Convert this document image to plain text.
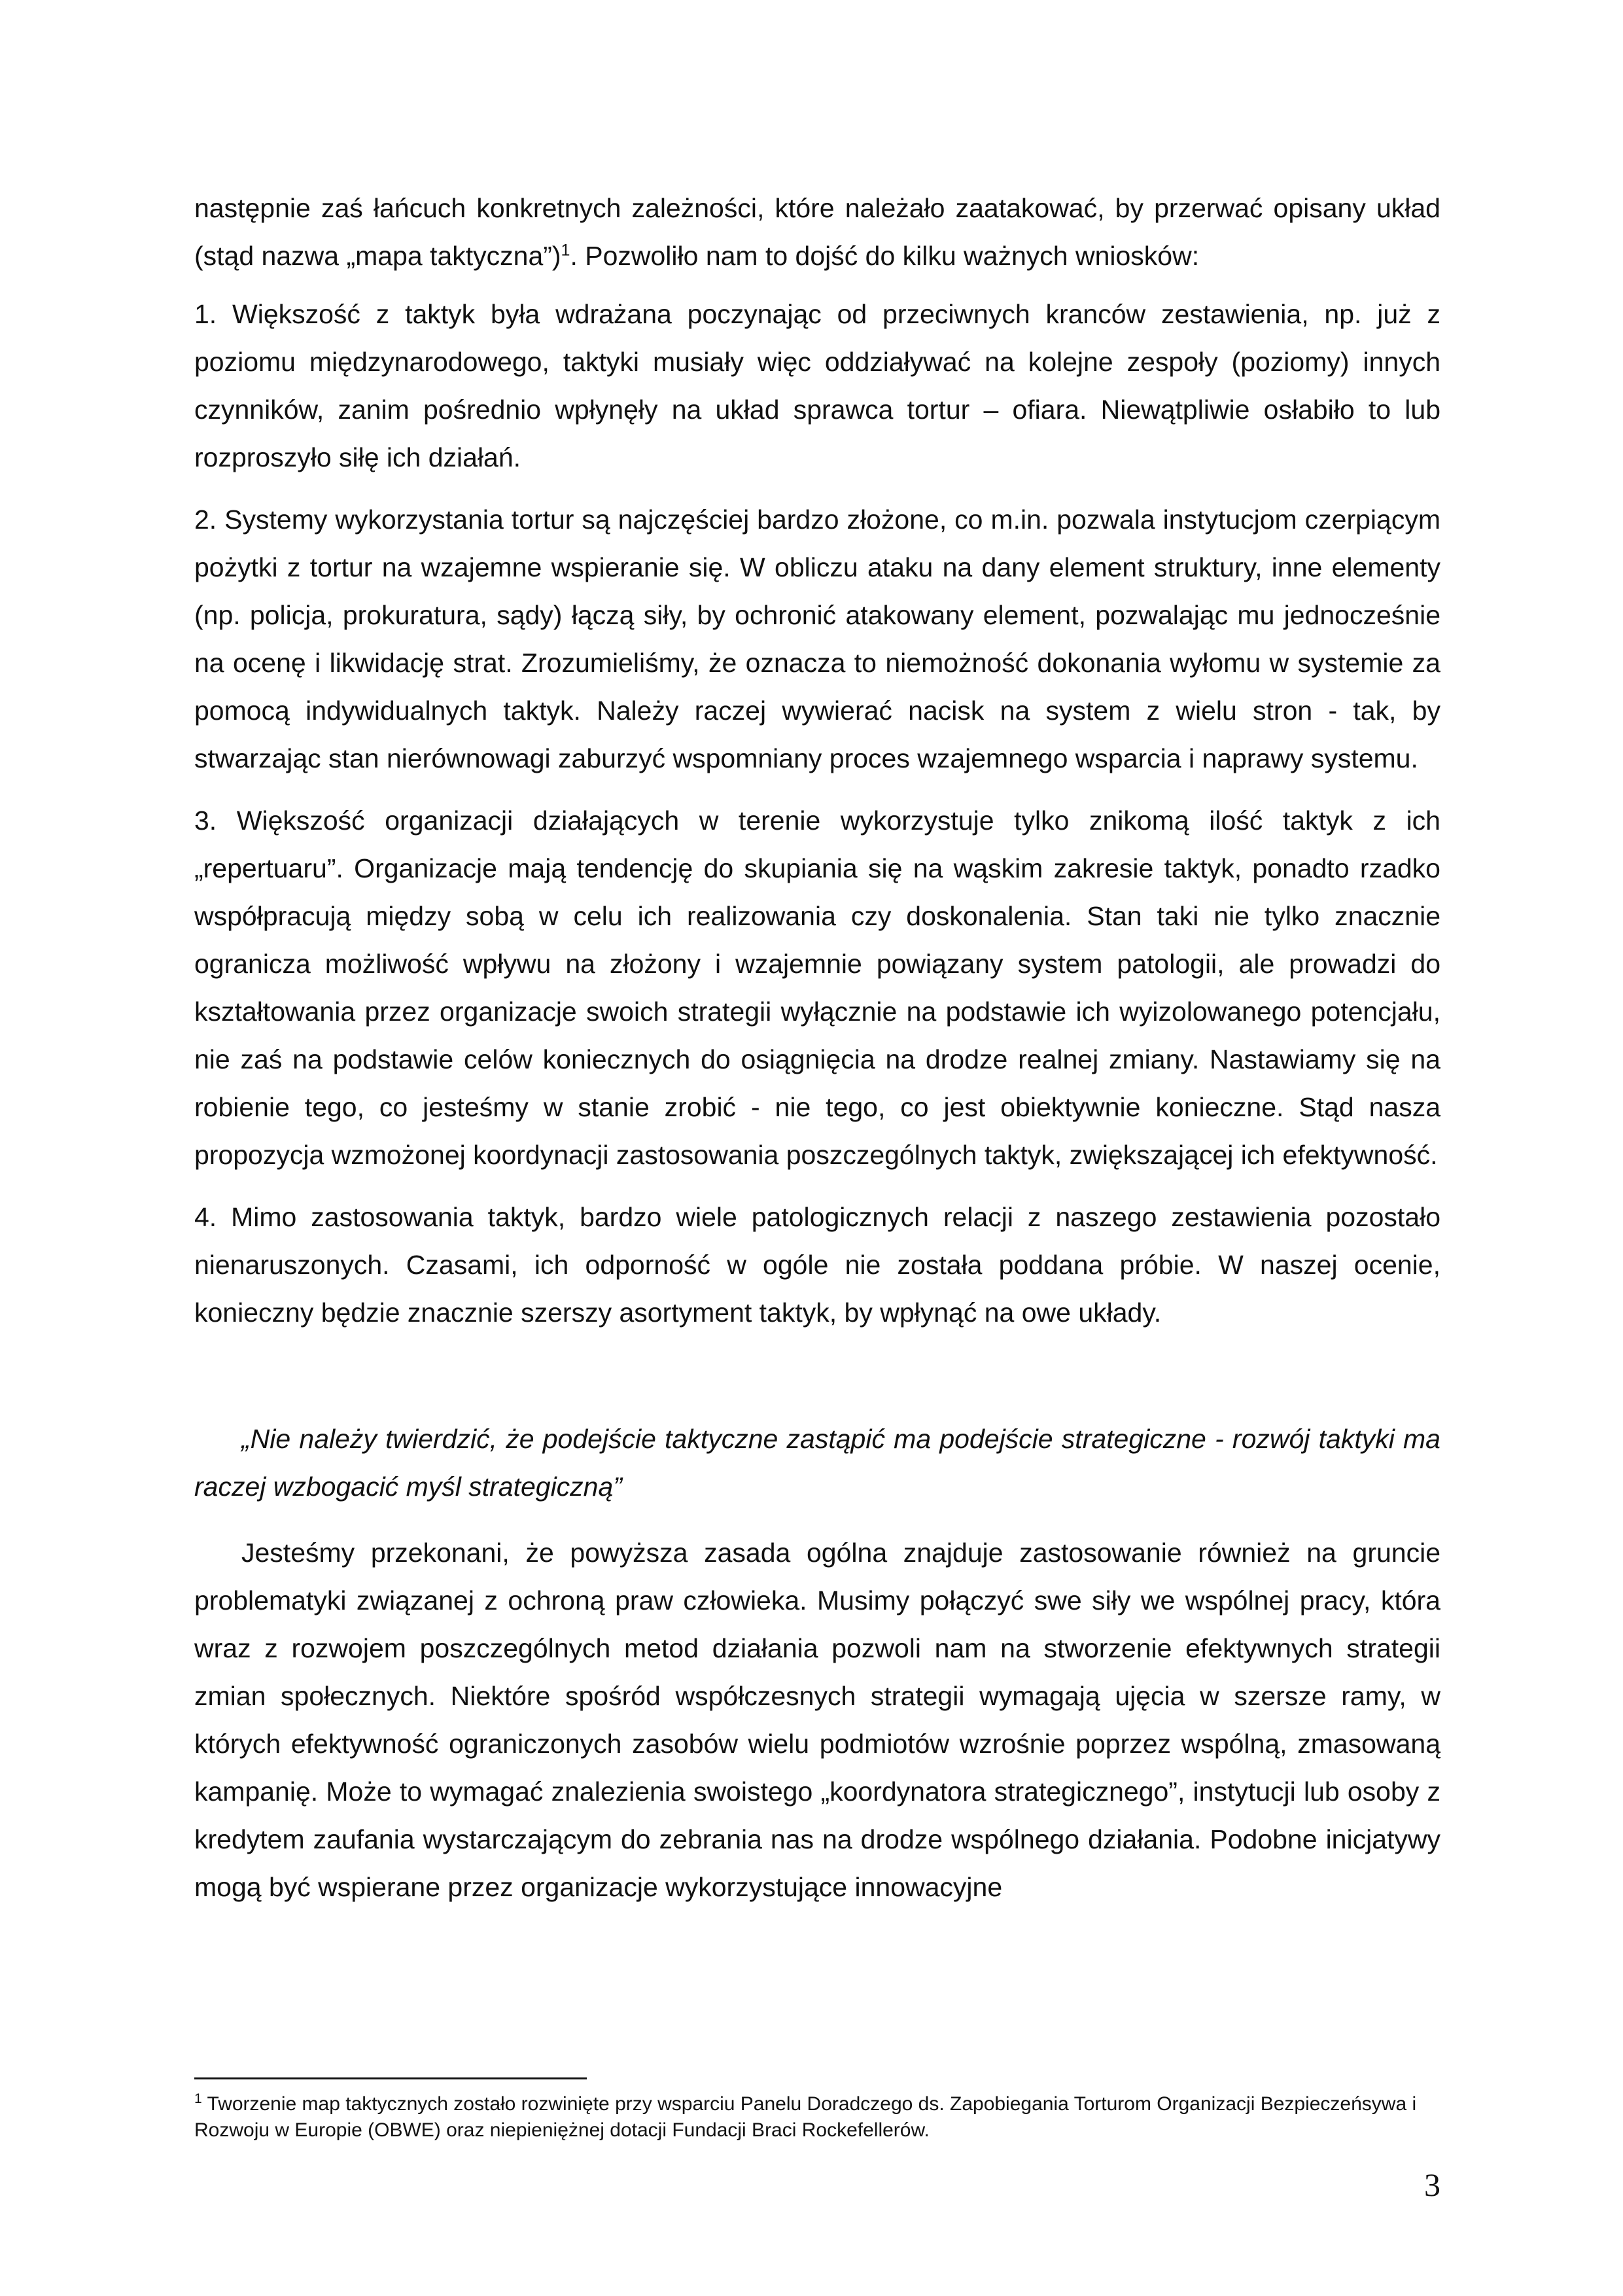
następnie zaś łańcuch konkretnych zależności, które należało zaatakować, by przerwać opisany układ (stąd nazwa „mapa taktyczna”)$^1$. Pozwoliło nam to dojść do kilku ważnych wniosków:

1. Większość z taktyk była wdrażana poczynając od przeciwnych kranców zestawienia, np. już z poziomu międzynarodowego, taktyki musiały więc oddziaływać na kolejne zespoły (poziomy) innych czynników, zanim pośrednio wpłynęły na układ sprawca tortur – ofiara. Niewątpliwie osłabiło to lub rozproszyło siłę ich działań.

2. Systemy wykorzystania tortur są najczęściej bardzo złożone, co m.in. pozwala instytucjom czerpiącym pożytki z tortur na wzajemne wspieranie się. W obliczu ataku na dany element struktury, inne elementy (np. policja, prokuratura, sądy) łączą siły, by ochronić atakowany element, pozwalając mu jednocześnie na ocenę i likwidację strat. Zrozumieliśmy, że oznacza to niemożność dokonania wyłomu w systemie za pomocą indywidualnych taktyk. Należy raczej wywierać nacisk na system z wielu stron - tak, by stwarzając stan nierównowagi zaburzyć wspomniany proces wzajemnego wsparcia i naprawy systemu.

3. Większość organizacji działających w terenie wykorzystuje tylko znikomą ilość taktyk z ich „repertuaru”. Organizacje mają tendencję do skupiania się na wąskim zakresie taktyk, ponadto rzadko współpracują między sobą w celu ich realizowania czy doskonalenia. Stan taki nie tylko znacznie ogranicza możliwość wpływu na złożony i wzajemnie powiązany system patologii, ale prowadzi do kształtowania przez organizacje swoich strategii wyłącznie na podstawie ich wyizolowanego potencjału, nie zaś na podstawie celów koniecznych do osiągnięcia na drodze realnej zmiany. Nastawiamy się na robienie tego, co jesteśmy w stanie zrobić - nie tego, co jest obiektywnie konieczne. Stąd nasza propozycja wzmożonej koordynacji zastosowania poszczególnych taktyk, zwiększającej ich efektywność.

4. Mimo zastosowania taktyk, bardzo wiele patologicznych relacji z naszego zestawienia pozostało nienaruszonych. Czasami, ich odporność w ogóle nie została poddana próbie. W naszej ocenie, konieczny będzie znacznie szerszy asortyment taktyk, by wpłynąć na owe układy.

„Nie należy twierdzić, że podejście taktyczne zastąpić ma podejście strategiczne - rozwój taktyki ma raczej wzbogacić myśl strategiczną”

Jesteśmy przekonani, że powyższa zasada ogólna znajduje zastosowanie również na gruncie problematyki związanej z ochroną praw człowieka. Musimy połączyć swe siły we wspólnej pracy, która wraz z rozwojem poszczególnych metod działania pozwoli nam na stworzenie efektywnych strategii zmian społecznych. Niektóre spośród współczesnych strategii wymagają ujęcia w szersze ramy, w których efektywność ograniczonych zasobów wielu podmiotów wzrośnie poprzez wspólną, zmasowaną kampanię. Może to wymagać znalezienia swoistego „koordynatora strategicznego”, instytucji lub osoby z kredytem zaufania wystarczającym do zebrania nas na drodze wspólnego działania. Podobne inicjatywy mogą być wspierane przez organizacje wykorzystujące innowacyjne

$^1$ Tworzenie map taktycznych zostało rozwinięte przy wsparciu Panelu Doradczego ds. Zapobiegania Torturom Organizacji Bezpieczeńsywa i Rozwoju w Europie (OBWE) oraz niepieniężnej dotacji Fundacji Braci Rockefellerów.
3
